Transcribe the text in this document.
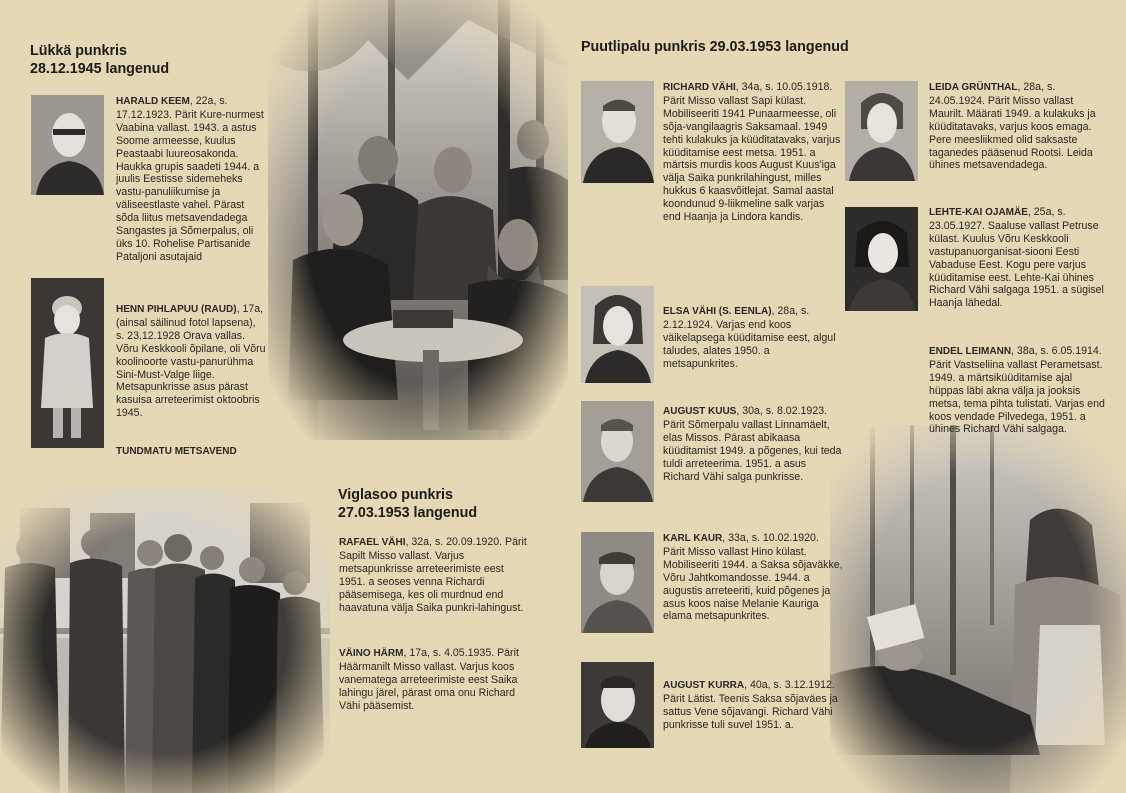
Lükkä punkris
28.12.1945 langenud

HARALD KEEM, 22a, s. 17.12.1923. Pärit Kure-nurmest Vaabina vallast. 1943. a astus Soome armeesse, kuulus Peastaabi luureosakonda. Haukka grupis saadeti 1944. a juulis Eestisse sidemeheks vastu-panuliikumise ja väliseestlaste vahel. Pärast sõda liitus metsavendadega Sangastes ja Sõmerpalus, oli üks 10. Rohelise Partisanide Pataljoni asutajaid

HENN PIHLAPUU (RAUD), 17a, (ainsal säilinud fotol lapsena), s. 23.12.1928 Orava vallas. Võru Keskkooli õpilane, oli Võru koolinoorte vastu-panurühma Sini-Must-Valge liige. Metsapunkrisse asus pärast kasuisa arreteerimist oktoobris 1945.

TUNDMATU METSAVEND

Viglasoo punkris
27.03.1953 langenud

RAFAEL VÄHI, 32a, s. 20.09.1920. Pärit Sapilt Misso vallast. Varjus metsapunkrisse arreteerimiste eest 1951. a seoses venna Richardi pääsemisega, kes oli murdnud end haavatuna välja Saika punkri-lahingust.

VÄINO HÄRM, 17a, s. 4.05.1935. Pärit Häärmanilt Misso vallast. Varjus koos vanematega arreteerimiste eest Saika lahingu järel, pärast oma onu Richard Vähi pääsemist.

Puutlipalu punkris 29.03.1953 langenud

RICHARD VÄHI, 34a, s. 10.05.1918. Pärit Misso vallast Sapi külast. Mobiliseeriti 1941 Punaarmeesse, oli sõja-vangilaagris Saksamaal. 1949 tehti kulakuks ja küüditatavaks, varjus küüditamise eest metsa. 1951. a märtsis murdis koos August Kuus'iga välja Saika punkrilahingust, milles hukkus 6 kaasvõitlejat. Samal aastal koondunud 9-liikmeline salk varjas end Haanja ja Lindora kandis.

ELSA VÄHI (S. EENLA), 28a, s. 2.12.1924. Varjas end koos väikelapsega küüditamise eest, algul taludes, alates 1950. a metsapunkrites.

AUGUST KUUS, 30a, s. 8.02.1923. Pärit Sõmerpalu vallast Linnamäelt, elas Missos. Pärast abikaasa küüditamist 1949. a põgenes, kui teda tuldi arreteerima. 1951. a asus Richard Vähi salga punkrisse.

KARL KAUR, 33a, s. 10.02.1920. Pärit Misso vallast Hino külast. Mobiliseeriti 1944. a Saksa sõjaväkke, Võru Jahtkomandosse. 1944. a augustis arreteeriti, kuid põgenes ja asus koos naise Melanie Kauriga elama metsapunkrites.

AUGUST KURRA, 40a, s. 3.12.1912. Pärit Lätist. Teenis Saksa sõjaväes ja sattus Vene sõjavangi. Richard Vähi punkrisse tuli suvel 1951. a.

LEIDA GRÜNTHAL, 28a, s. 24.05.1924. Pärit Misso vallast Maurilt. Määrati 1949. a kulakuks ja küüditatavaks, varjus koos emaga. Pere meesliikmed olid saksaste taganedes pääsenud Rootsi. Leida ühines metsavendadega.

LEHTE-KAI OJAMÄE, 25a, s. 23.05.1927. Saaluse vallast Petruse külast. Kuulus Võru Keskkooli vastupanuorganisat-siooni Eesti Vabaduse Eest. Kogu pere varjus küüditamise eest. Lehte-Kai ühines Richard Vähi salgaga 1951. a sügisel Haanja lähedal.

ENDEL LEIMANN, 38a, s. 6.05.1914. Pärit Vastseliina vallast Perametsast. 1949. a märtsiküüditamise ajal hüppas läbi akna välja ja jooksis metsa, tema pihta tulistati. Varjas end koos vendade Pilvedega, 1951. a ühines Richard Vähi salgaga.
